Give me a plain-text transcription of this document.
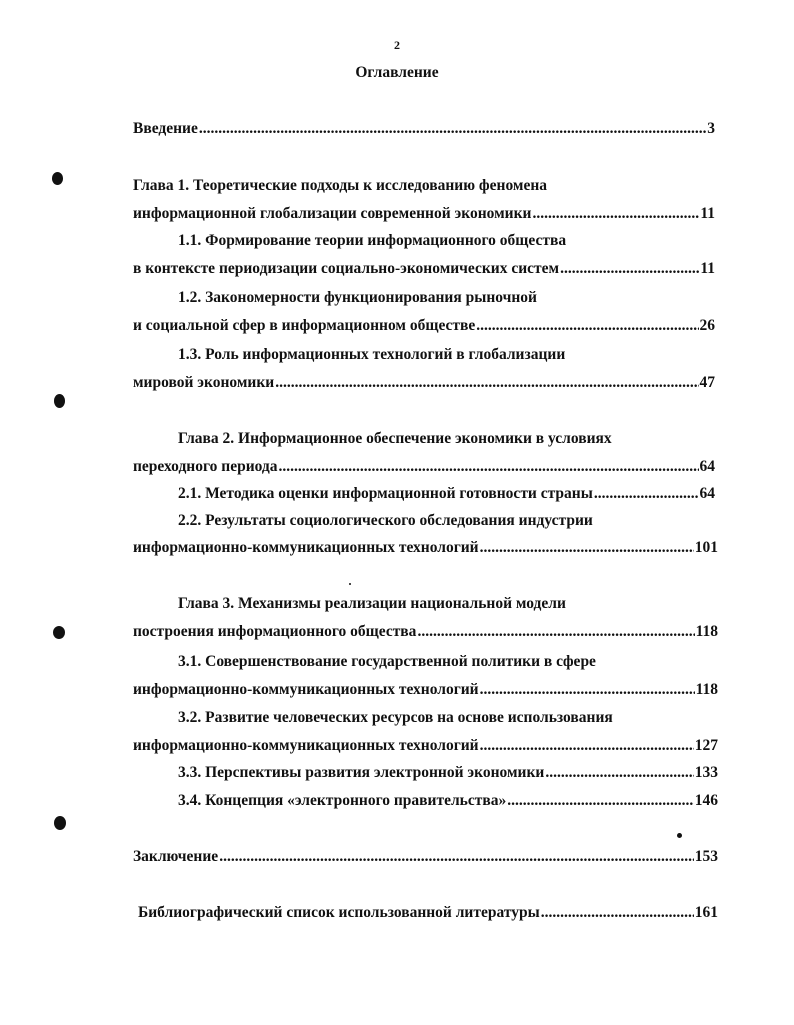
2
Оглавление
Введение .....	3
Глава 1. Теоретические подходы к исследованию феномена
информационной глобализации современной экономики .....	11
1.1. Формирование теории информационного общества
в контексте периодизации социально-экономических систем .....	11
1.2. Закономерности функционирования рыночной
и социальной сфер в информационном обществе .....	26
1.3. Роль информационных технологий в глобализации
мировой экономики .....	47
Глава 2. Информационное обеспечение экономики в условиях
переходного периода .....	64
2.1. Методика оценки информационной готовности страны .....	64
2.2. Результаты социологического обследования индустрии
информационно-коммуникационных технологий .....	101
Глава 3. Механизмы реализации национальной модели
построения информационного общества .....	118
3.1. Совершенствование государственной политики в сфере
информационно-коммуникационных технологий .....	118
3.2. Развитие человеческих ресурсов на основе использования
информационно-коммуникационных технологий .....	127
3.3. Перспективы развития электронной экономики .....	133
3.4. Концепция «электронного правительства» .....	146
Заключение .....	153
Библиографический список использованной литературы .....	161
